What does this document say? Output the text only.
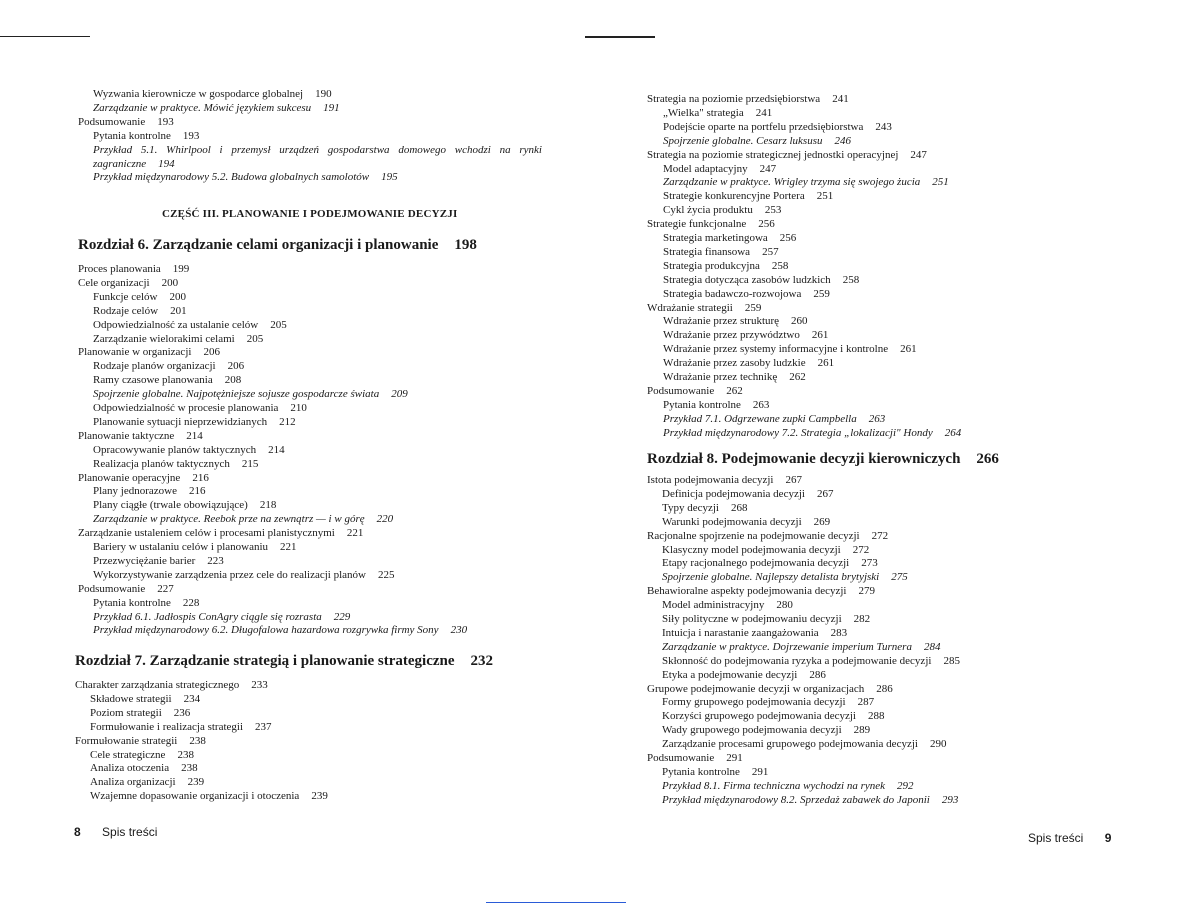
Wyzwania kierownicze w gospodarce globalnej 190
Zarządzanie w praktyce. Mówić językiem sukcesu 191
Podsumowanie 193
Pytania kontrolne 193
Przykład 5.1. Whirlpool i przemysł urządzeń gospodarstwa domowego wchodzi na rynki
zagraniczne 194
Przykład międzynarodowy 5.2. Budowa globalnych samolotów 195
CZĘŚĆ III. PLANOWANIE I PODEJMOWANIE DECYZJI
Rozdział 6. Zarządzanie celami organizacji i planowanie 198
Proces planowania 199
Cele organizacji 200
Funkcje celów 200
Rodzaje celów 201
Odpowiedzialność za ustalanie celów 205
Zarządzanie wielorakimi celami 205
Planowanie w organizacji 206
Rodzaje planów organizacji 206
Ramy czasowe planowania 208
Spojrzenie globalne. Najpotężniejsze sojusze gospodarcze świata 209
Odpowiedzialność w procesie planowania 210
Planowanie sytuacji nieprzewidzianych 212
Planowanie taktyczne 214
Opracowywanie planów taktycznych 214
Realizacja planów taktycznych 215
Planowanie operacyjne 216
Plany jednorazowe 216
Plany ciągłe (trwale obowiązujące) 218
Zarządzanie w praktyce. Reebok prze na zewnątrz — i w górę 220
Zarządzanie ustaleniem celów i procesami planistycznymi 221
Bariery w ustalaniu celów i planowaniu 221
Przezwyciężanie barier 223
Wykorzystywanie zarządzenia przez cele do realizacji planów 225
Podsumowanie 227
Pytania kontrolne 228
Przykład 6.1. Jadłospis ConAgry ciągle się rozrasta 229
Przykład międzynarodowy 6.2. Długofalowa hazardowa rozgrywka firmy Sony 230
Rozdział 7. Zarządzanie strategią i planowanie strategiczne 232
Charakter zarządzania strategicznego 233
Składowe strategii 234
Poziom strategii 236
Formułowanie i realizacja strategii 237
Formułowanie strategii 238
Cele strategiczne 238
Analiza otoczenia 238
Analiza organizacji 239
Wzajemne dopasowanie organizacji i otoczenia 239
Strategia na poziomie przedsiębiorstwa 241
„Wielka" strategia 241
Podejście oparte na portfelu przedsiębiorstwa 243
Spojrzenie globalne. Cesarz luksusu 246
Strategia na poziomie strategicznej jednostki operacyjnej 247
Model adaptacyjny 247
Zarządzanie w praktyce. Wrigley trzyma się swojego żucia 251
Strategie konkurencyjne Portera 251
Cykl życia produktu 253
Strategie funkcjonalne 256
Strategia marketingowa 256
Strategia finansowa 257
Strategia produkcyjna 258
Strategia dotycząca zasobów ludzkich 258
Strategia badawczo-rozwojowa 259
Wdrażanie strategii 259
Wdrażanie przez strukturę 260
Wdrażanie przez przywództwo 261
Wdrażanie przez systemy informacyjne i kontrolne 261
Wdrażanie przez zasoby ludzkie 261
Wdrażanie przez technikę 262
Podsumowanie 262
Pytania kontrolne 263
Przykład 7.1. Odgrzewane zupki Campbella 263
Przykład międzynarodowy 7.2. Strategia „lokalizacji" Hondy 264
Rozdział 8. Podejmowanie decyzji kierowniczych 266
Istota podejmowania decyzji 267
Definicja podejmowania decyzji 267
Typy decyzji 268
Warunki podejmowania decyzji 269
Racjonalne spojrzenie na podejmowanie decyzji 272
Klasyczny model podejmowania decyzji 272
Etapy racjonalnego podejmowania decyzji 273
Spojrzenie globalne. Najlepszy detalista brytyjski 275
Behawioralne aspekty podejmowania decyzji 279
Model administracyjny 280
Siły polityczne w podejmowaniu decyzji 282
Intuicja i narastanie zaangażowania 283
Zarządzanie w praktyce. Dojrzewanie imperium Turnera 284
Skłonność do podejmowania ryzyka a podejmowanie decyzji 285
Etyka a podejmowanie decyzji 286
Grupowe podejmowanie decyzji w organizacjach 286
Formy grupowego podejmowania decyzji 287
Korzyści grupowego podejmowania decyzji 288
Wady grupowego podejmowania decyzji 289
Zarządzanie procesami grupowego podejmowania decyzji 290
Podsumowanie 291
Pytania kontrolne 291
Przykład 8.1. Firma techniczna wychodzi na rynek 292
Przykład międzynarodowy 8.2. Sprzedaż zabawek do Japonii 293
8 Spis treści	Spis treści 9
